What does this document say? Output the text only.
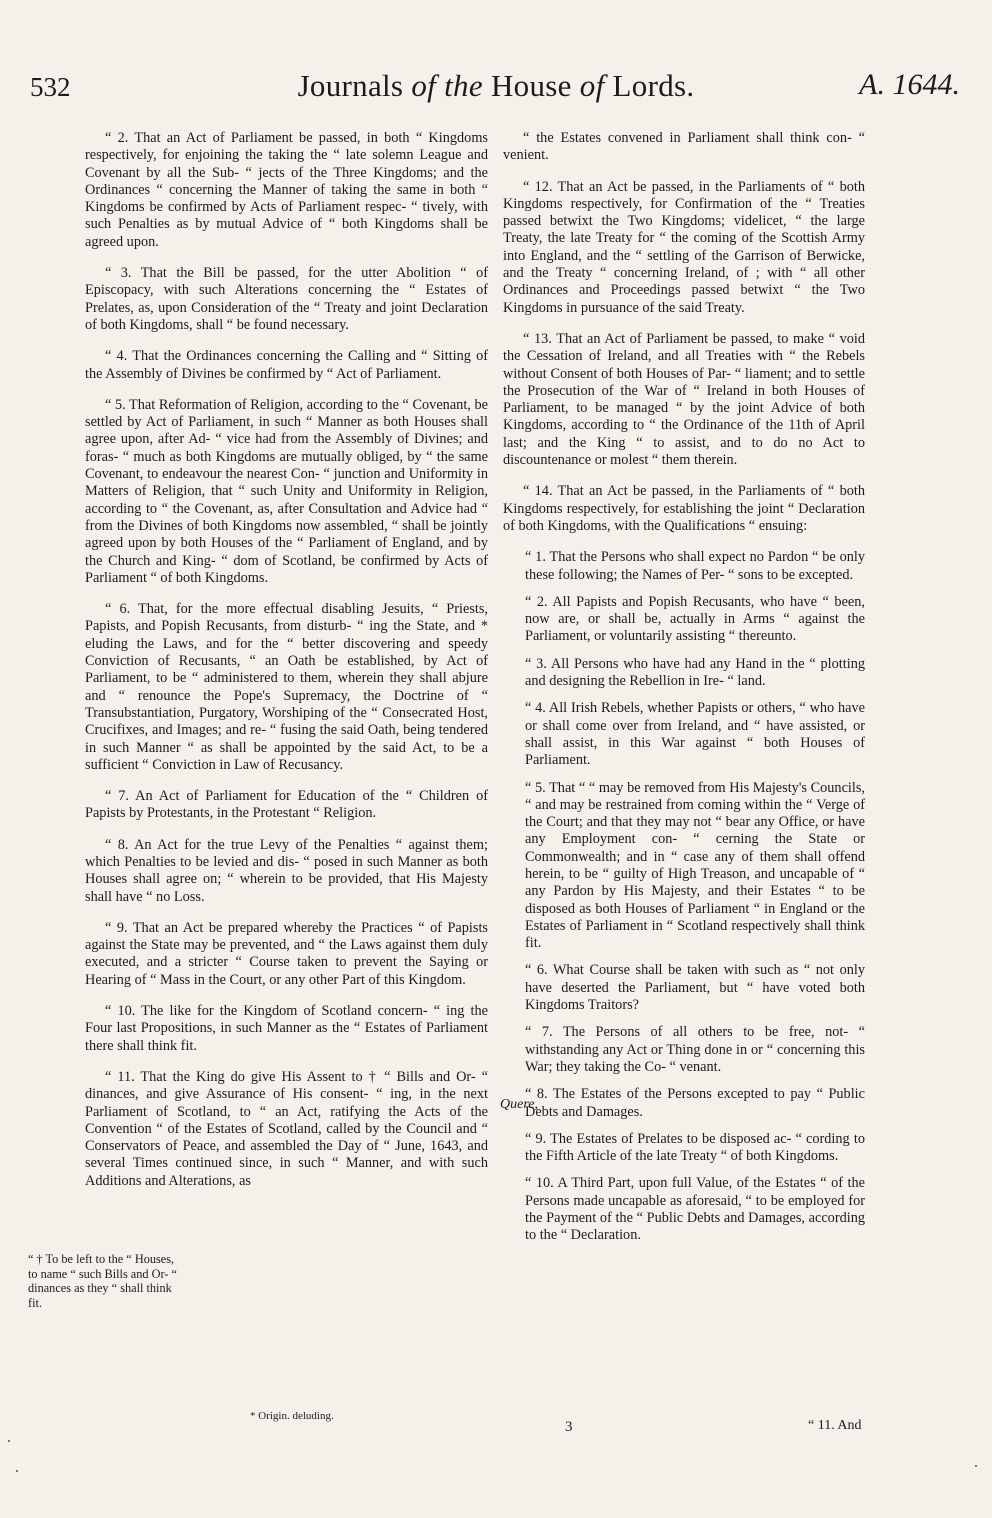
532	Journals of the House of Lords.	A. 1644.

“ 2. That an Act of Parliament be passed, in both “ Kingdoms respectively, for enjoining the taking the “ late solemn League and Covenant by all the Sub- “ jects of the Three Kingdoms; and the Ordinances “ concerning the Manner of taking the same in both “ Kingdoms be confirmed by Acts of Parliament respec- “ tively, with such Penalties as by mutual Advice of “ both Kingdoms shall be agreed upon.

“ 3. That the Bill be passed, for the utter Abolition “ of Episcopacy, with such Alterations concerning the “ Estates of Prelates, as, upon Consideration of the “ Treaty and joint Declaration of both Kingdoms, shall “ be found necessary.

“ 4. That the Ordinances concerning the Calling and “ Sitting of the Assembly of Divines be confirmed by “ Act of Parliament.

“ 5. That Reformation of Religion, according to the “ Covenant, be settled by Act of Parliament, in such “ Manner as both Houses shall agree upon, after Ad- “ vice had from the Assembly of Divines; and foras- “ much as both Kingdoms are mutually obliged, by “ the same Covenant, to endeavour the nearest Con- “ junction and Uniformity in Matters of Religion, that “ such Unity and Uniformity in Religion, according to “ the Covenant, as, after Consultation and Advice had “ from the Divines of both Kingdoms now assembled, “ shall be jointly agreed upon by both Houses of the “ Parliament of England, and by the Church and King- “ dom of Scotland, be confirmed by Acts of Parliament “ of both Kingdoms.

“ 6. That, for the more effectual disabling Jesuits, “ Priests, Papists, and Popish Recusants, from disturb- “ ing the State, and * eluding the Laws, and for the “ better discovering and speedy Conviction of Recusants, “ an Oath be established, by Act of Parliament, to be “ administered to them, wherein they shall abjure and “ renounce the Pope's Supremacy, the Doctrine of “ Transubstantiation, Purgatory, Worshiping of the “ Consecrated Host, Crucifixes, and Images; and re- “ fusing the said Oath, being tendered in such Manner “ as shall be appointed by the said Act, to be a sufficient “ Conviction in Law of Recusancy.

“ 7. An Act of Parliament for Education of the “ Children of Papists by Protestants, in the Protestant “ Religion.

“ 8. An Act for the true Levy of the Penalties “ against them; which Penalties to be levied and dis- “ posed in such Manner as both Houses shall agree on; “ wherein to be provided, that His Majesty shall have “ no Loss.

“ 9. That an Act be prepared whereby the Practices “ of Papists against the State may be prevented, and “ the Laws against them duly executed, and a stricter “ Course taken to prevent the Saying or Hearing of “ Mass in the Court, or any other Part of this Kingdom.

“ 10. The like for the Kingdom of Scotland concern- “ ing the Four last Propositions, in such Manner as the “ Estates of Parliament there shall think fit.

“ 11. That the King do give His Assent to † “ Bills and Or- “ dinances, and give Assurance of His consent- “ ing, in the next Parliament of Scotland, to “ an Act, ratifying the Acts of the Convention “ of the Estates of Scotland, called by the Council and “ Conservators of Peace, and assembled the Day of “ June, 1643, and several Times continued since, in such “ Manner, and with such Additions and Alterations, as

“ † To be left to the “ Houses, to name “ such Bills and Or- “ dinances as they “ shall think fit.
* Origin. deluding.

“ the Estates convened in Parliament shall think con- “ venient.

“ 12. That an Act be passed, in the Parliaments of “ both Kingdoms respectively, for Confirmation of the “ Treaties passed betwixt the Two Kingdoms; videlicet, “ the large Treaty, the late Treaty for “ the coming of the Scottish Army into England, and the “ settling of the Garrison of Berwicke, and the Treaty “ concerning Ireland, of ; with “ all other Ordinances and Proceedings passed betwixt “ the Two Kingdoms in pursuance of the said Treaty.

“ 13. That an Act of Parliament be passed, to make “ void the Cessation of Ireland, and all Treaties with “ the Rebels without Consent of both Houses of Par- “ liament; and to settle the Prosecution of the War of “ Ireland in both Houses of Parliament, to be managed “ by the joint Advice of both Kingdoms, according to “ the Ordinance of the 11th of April last; and the King “ to assist, and to do no Act to discountenance or molest “ them therein.

“ 14. That an Act be passed, in the Parliaments of “ both Kingdoms respectively, for establishing the joint “ Declaration of both Kingdoms, with the Qualifications “ ensuing:

“ 1. That the Persons who shall expect no Pardon “ be only these following; the Names of Per- “ sons to be excepted.

“ 2. All Papists and Popish Recusants, who have “ been, now are, or shall be, actually in Arms “ against the Parliament, or voluntarily assisting “ thereunto.

“ 3. All Persons who have had any Hand in the “ plotting and designing the Rebellion in Ire- “ land.

“ 4. All Irish Rebels, whether Papists or others, “ who have or shall come over from Ireland, and “ have assisted, or shall assist, in this War against “ both Houses of Parliament.

“ 5. That “ “ may be removed from His Majesty's Councils, “ and may be restrained from coming within the “ Verge of the Court; and that they may not “ bear any Office, or have any Employment con- “ cerning the State or Commonwealth; and in “ case any of them shall offend herein, to be “ guilty of High Treason, and uncapable of “ any Pardon by His Majesty, and their Estates “ to be disposed as both Houses of Parliament “ in England or the Estates of Parliament in “ Scotland respectively shall think fit.

“ 6. What Course shall be taken with such as “ not only have deserted the Parliament, but “ have voted both Kingdoms Traitors?

“ 7. The Persons of all others to be free, not- “ withstanding any Act or Thing done in or “ concerning this War; they taking the Co- “ venant.

“ 8. The Estates of the Persons excepted to pay “ Public Debts and Damages.

“ 9. The Estates of Prelates to be disposed ac- “ cording to the Fifth Article of the late Treaty “ of both Kingdoms.

“ 10. A Third Part, upon full Value, of the Estates “ of the Persons made uncapable as aforesaid, “ to be employed for the Payment of the “ Public Debts and Damages, according to the “ Declaration.

Quere,
3	“ 11. And
